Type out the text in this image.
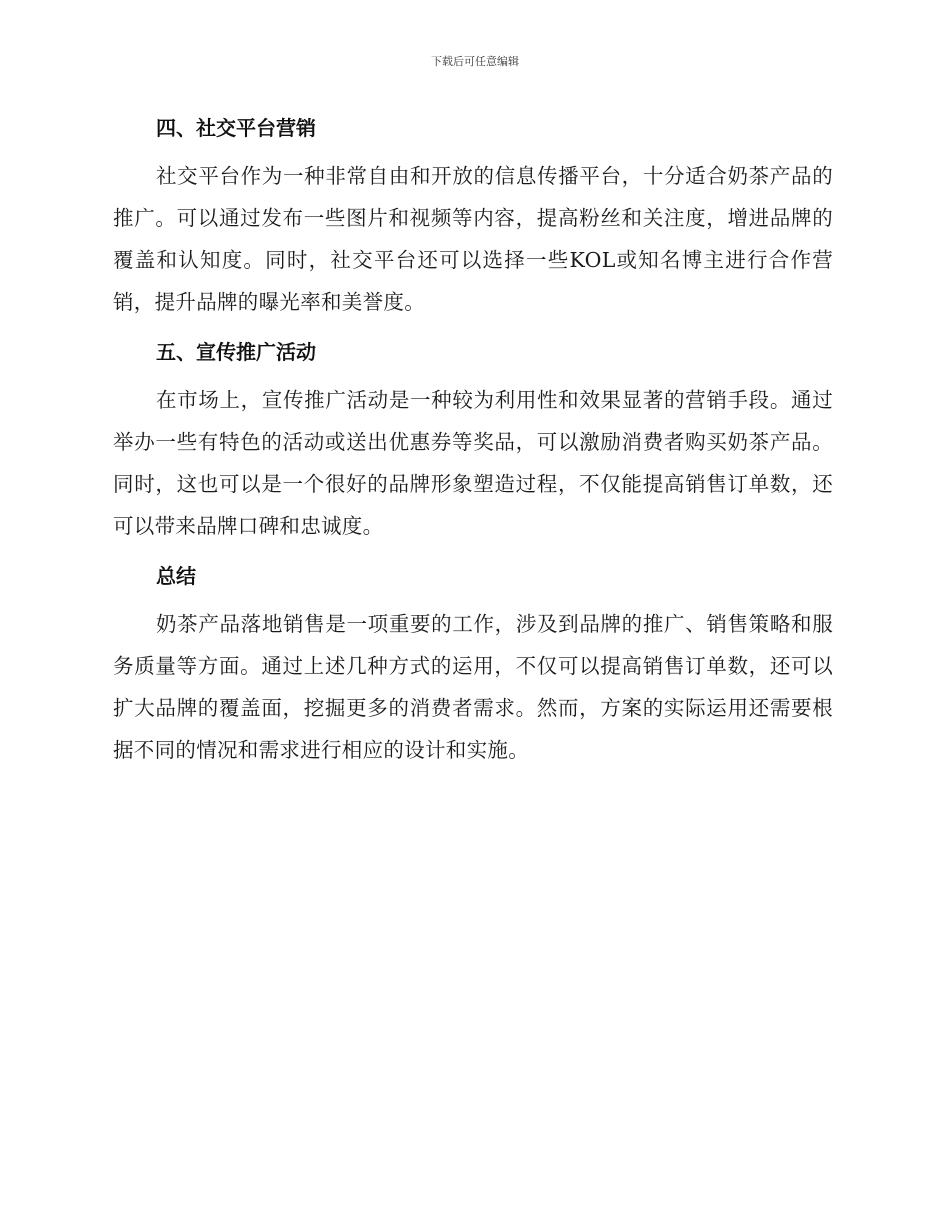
下载后可任意编辑
四、社交平台营销

社交平台作为一种非常自由和开放的信息传播平台，十分适合奶茶产品的推广。可以通过发布一些图片和视频等内容，提高粉丝和关注度，增进品牌的覆盖和认知度。同时，社交平台还可以选择一些KOL或知名博主进行合作营销，提升品牌的曝光率和美誉度。

五、宣传推广活动

在市场上，宣传推广活动是一种较为利用性和效果显著的营销手段。通过举办一些有特色的活动或送出优惠券等奖品，可以激励消费者购买奶茶产品。同时，这也可以是一个很好的品牌形象塑造过程，不仅能提高销售订单数，还可以带来品牌口碑和忠诚度。

总结

奶茶产品落地销售是一项重要的工作，涉及到品牌的推广、销售策略和服务质量等方面。通过上述几种方式的运用，不仅可以提高销售订单数，还可以扩大品牌的覆盖面，挖掘更多的消费者需求。然而，方案的实际运用还需要根据不同的情况和需求进行相应的设计和实施。
